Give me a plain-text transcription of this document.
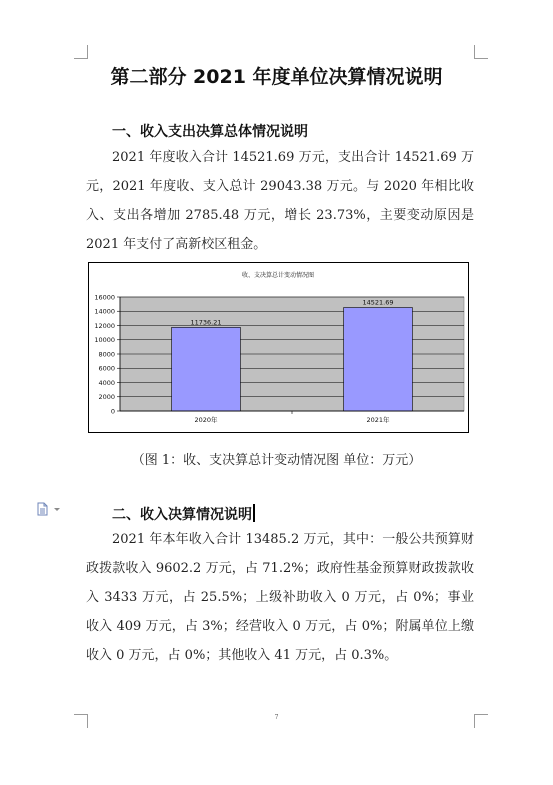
第二部分 2021 年度单位决算情况说明
一、收入支出决算总体情况说明

2021 年度收入合计 14521.69 万元，支出合计 14521.69 万元，2021 年度收、支入总计 29043.38 万元。与 2020 年相比收入、支出各增加 2785.48 万元，增长 23.73%，主要变动原因是 2021 年支付了高新校区租金。

收、支决算总计变动情况图
0
2000
4000
6000
8000
10000
12000
14000
16000
11736.21
2020年
14521.69
2021年
（图 1：收、支决算总计变动情况图 单位：万元）
二、收入决算情况说明

2021 年本年收入合计 13485.2 万元，其中：一般公共预算财政拨款收入 9602.2 万元，占 71.2%；政府性基金预算财政拨款收入 3433 万元，占 25.5%；上级补助收入 0 万元，占 0%；事业收入 409 万元，占 3%；经营收入 0 万元，占 0%；附属单位上缴收入 0 万元，占 0%；其他收入 41 万元，占 0.3%。

7
